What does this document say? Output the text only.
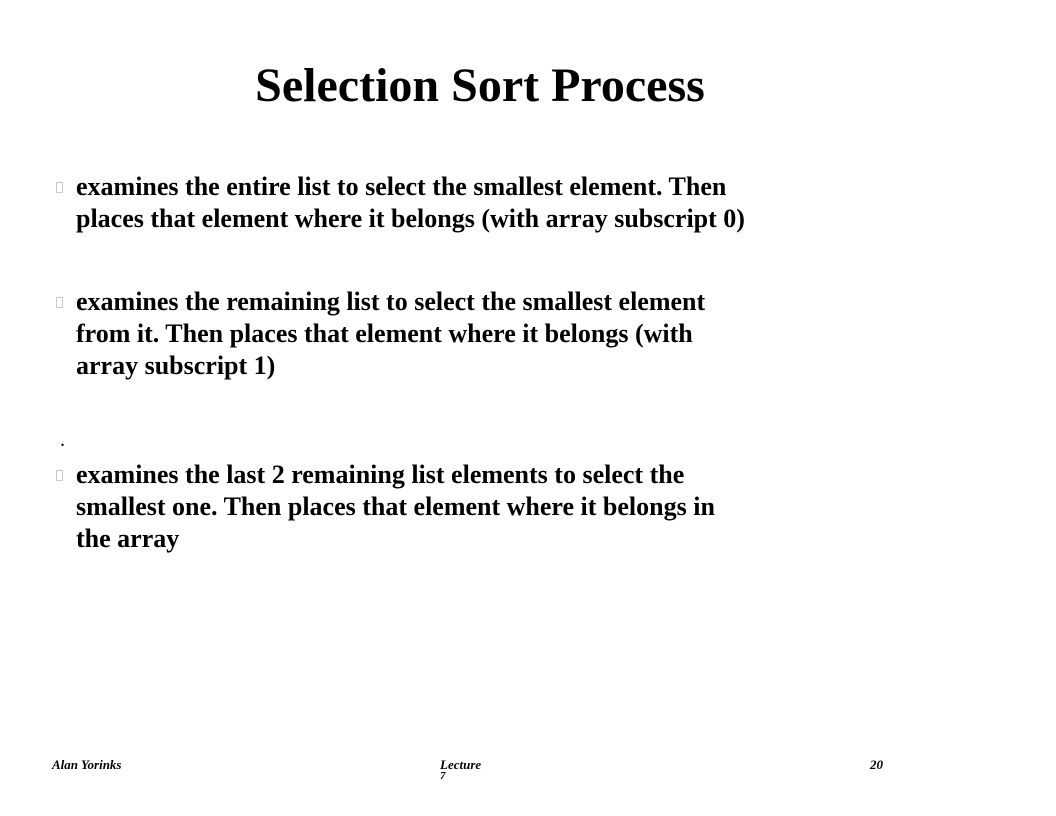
Selection Sort Process
examines the entire list to select the smallest element. Then
places that element where it belongs (with array subscript 0)
examines the remaining list to select the smallest element
from it. Then places that element where it belongs (with
array subscript 1)
.
examines the last 2 remaining list elements to select the
smallest one. Then places that element where it belongs in
the array
Alan Yorinks	Lecture
7
20
